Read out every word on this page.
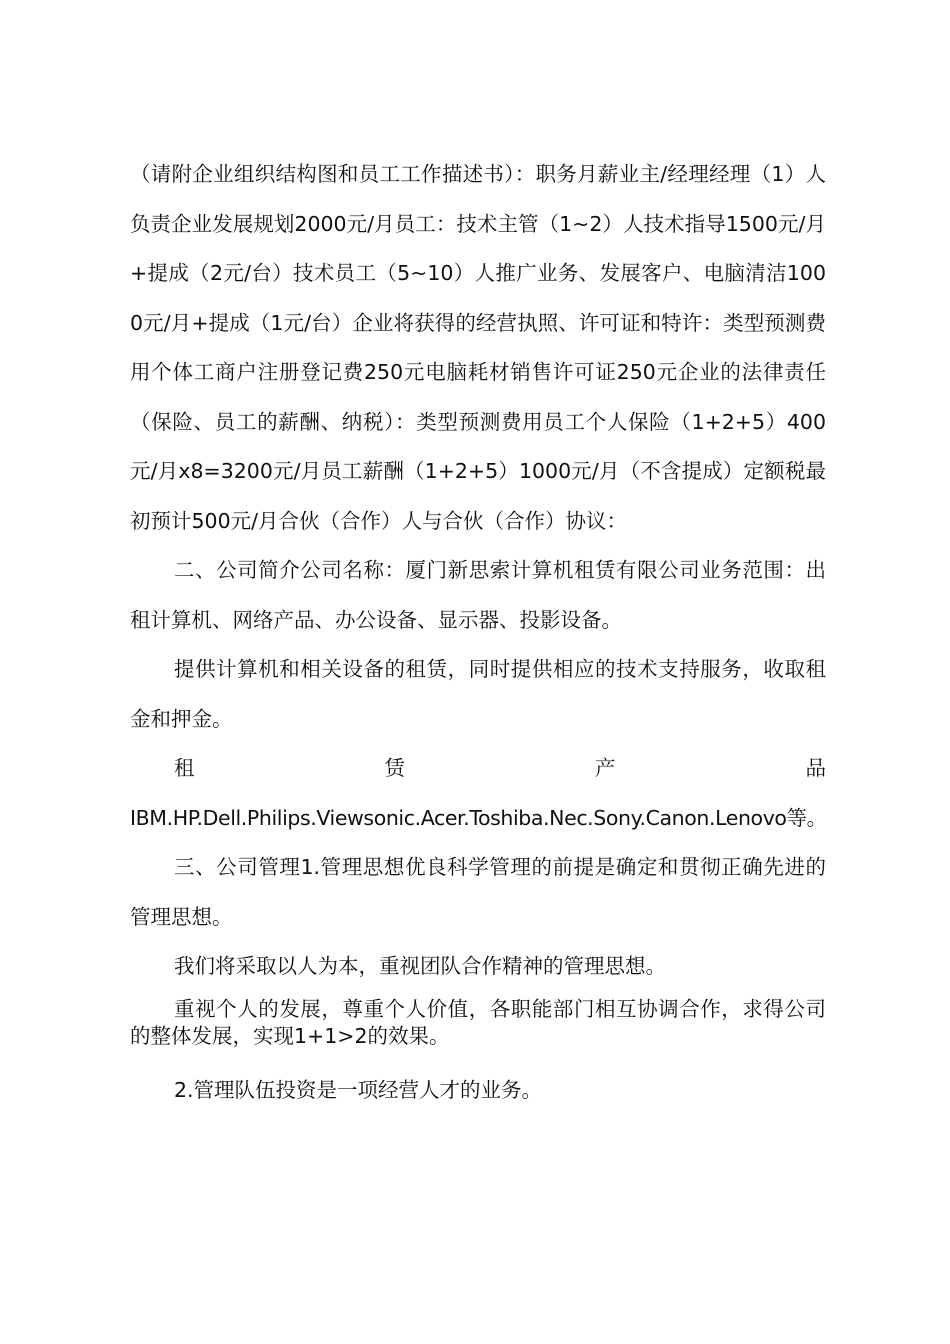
（请附企业组织结构图和员工工作描述书）：职务月薪业主/经理经理（1）人负责企业发展规划2000元/月员工：技术主管（1~2）人技术指导1500元/月+提成（2元/台）技术员工（5~10）人推广业务、发展客户、电脑清洁1000元/月+提成（1元/台）企业将获得的经营执照、许可证和特许：类型预测费用个体工商户注册登记费250元电脑耗材销售许可证250元企业的法律责任（保险、员工的薪酬、纳税）：类型预测费用员工个人保险（1+2+5）400元/月x8=3200元/月员工薪酬（1+2+5）1000元/月（不含提成）定额税最初预计500元/月合伙（合作）人与合伙（合作）协议：

二、公司简介公司名称：厦门新思索计算机租赁有限公司业务范围：出租计算机、网络产品、办公设备、显示器、投影设备。

提供计算机和相关设备的租赁，同时提供相应的技术支持服务，收取租金和押金。

租赁产品

IBM.HP.Dell.Philips.Viewsonic.Acer.Toshiba.Nec.Sony.Canon.Lenovo等。

三、公司管理1.管理思想优良科学管理的前提是确定和贯彻正确先进的管理思想。

我们将采取以人为本，重视团队合作精神的管理思想。

重视个人的发展，尊重个人价值，各职能部门相互协调合作，求得公司的整体发展，实现1+1>2的效果。

2.管理队伍投资是一项经营人才的业务。
